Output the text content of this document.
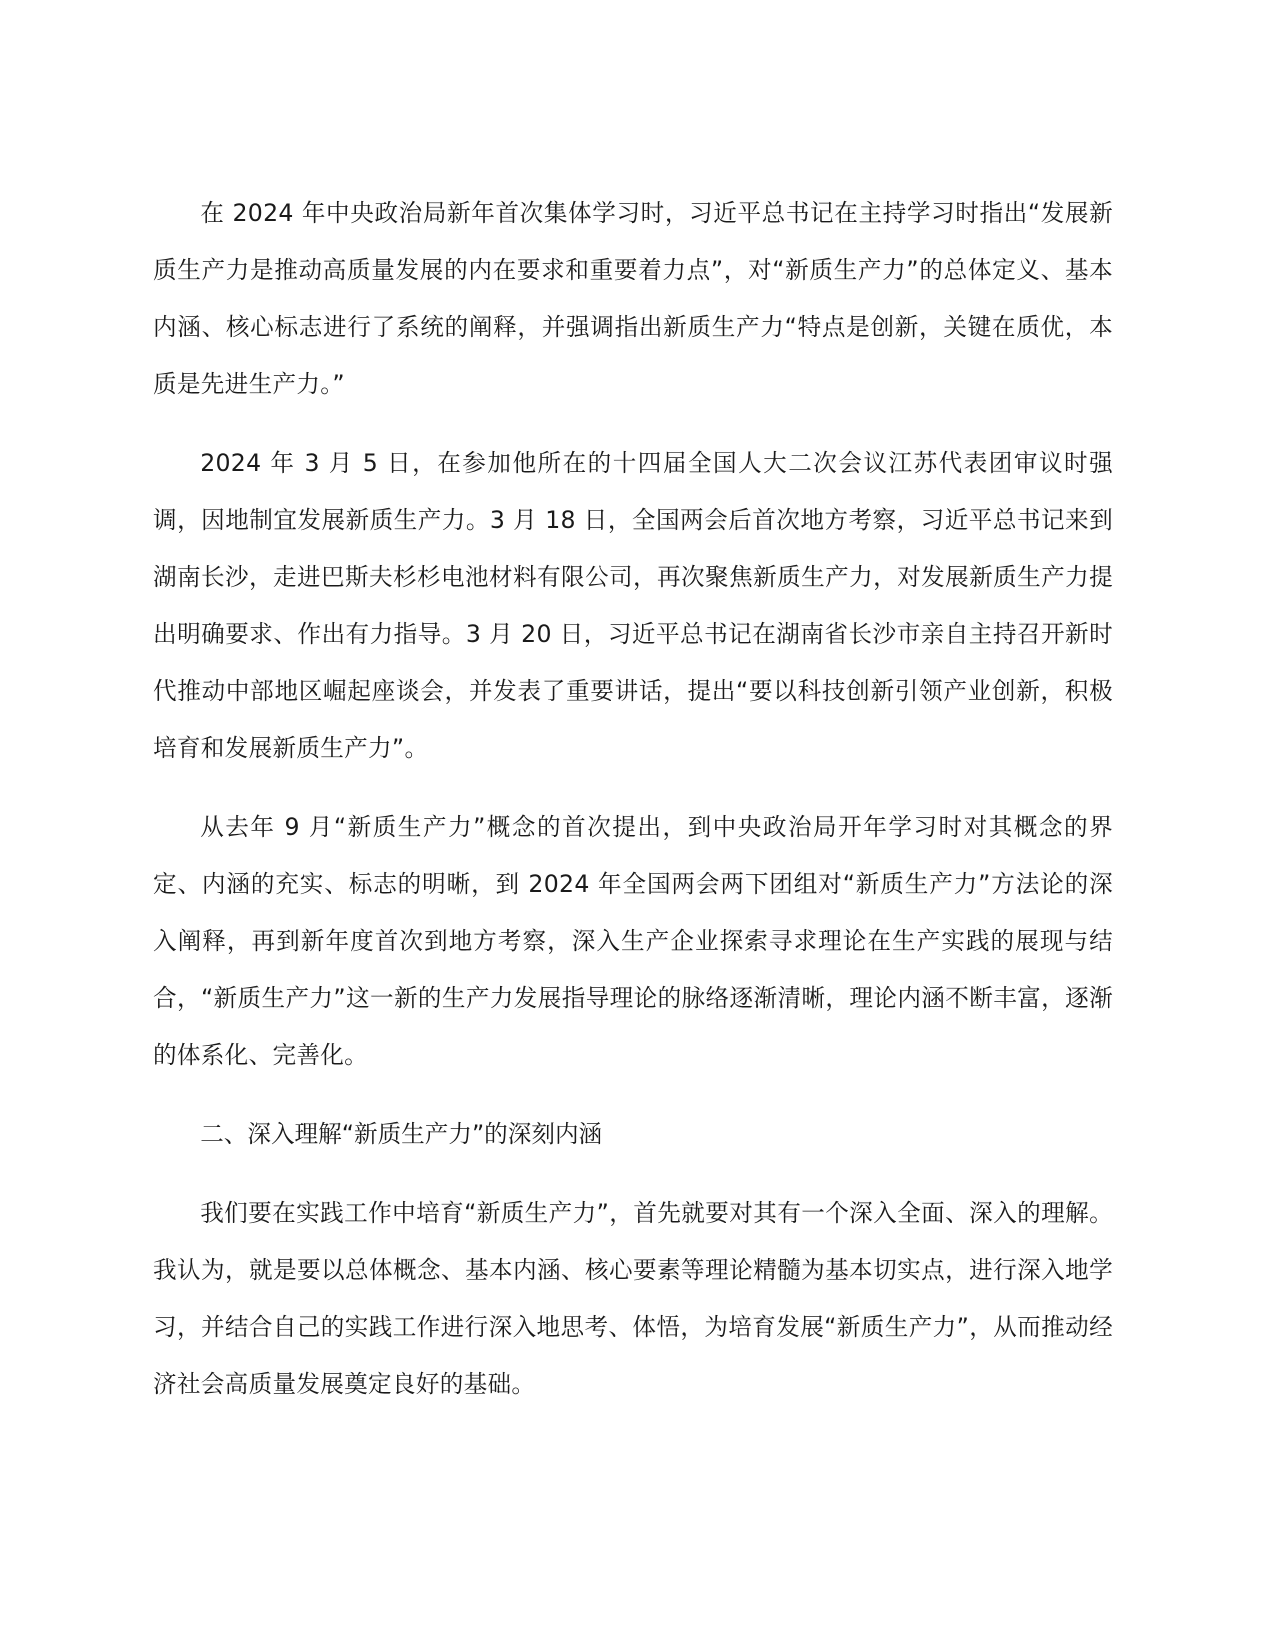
在 2024 年中央政治局新年首次集体学习时，习近平总书记在主持学习时指出“发展新质生产力是推动高质量发展的内在要求和重要着力点”，对“新质生产力”的总体定义、基本内涵、核心标志进行了系统的阐释，并强调指出新质生产力“特点是创新，关键在质优，本质是先进生产力。”

2024 年 3 月 5 日，在参加他所在的十四届全国人大二次会议江苏代表团审议时强调，因地制宜发展新质生产力。3 月 18 日，全国两会后首次地方考察，习近平总书记来到湖南长沙，走进巴斯夫杉杉电池材料有限公司，再次聚焦新质生产力，对发展新质生产力提出明确要求、作出有力指导。3 月 20 日，习近平总书记在湖南省长沙市亲自主持召开新时代推动中部地区崛起座谈会，并发表了重要讲话，提出“要以科技创新引领产业创新，积极培育和发展新质生产力”。

从去年 9 月“新质生产力”概念的首次提出，到中央政治局开年学习时对其概念的界定、内涵的充实、标志的明晰，到 2024 年全国两会两下团组对“新质生产力”方法论的深入阐释，再到新年度首次到地方考察，深入生产企业探索寻求理论在生产实践的展现与结合，“新质生产力”这一新的生产力发展指导理论的脉络逐渐清晰，理论内涵不断丰富，逐渐的体系化、完善化。

二、深入理解“新质生产力”的深刻内涵

我们要在实践工作中培育“新质生产力”，首先就要对其有一个深入全面、深入的理解。我认为，就是要以总体概念、基本内涵、核心要素等理论精髓为基本切实点，进行深入地学习，并结合自己的实践工作进行深入地思考、体悟，为培育发展“新质生产力”，从而推动经济社会高质量发展奠定良好的基础。
